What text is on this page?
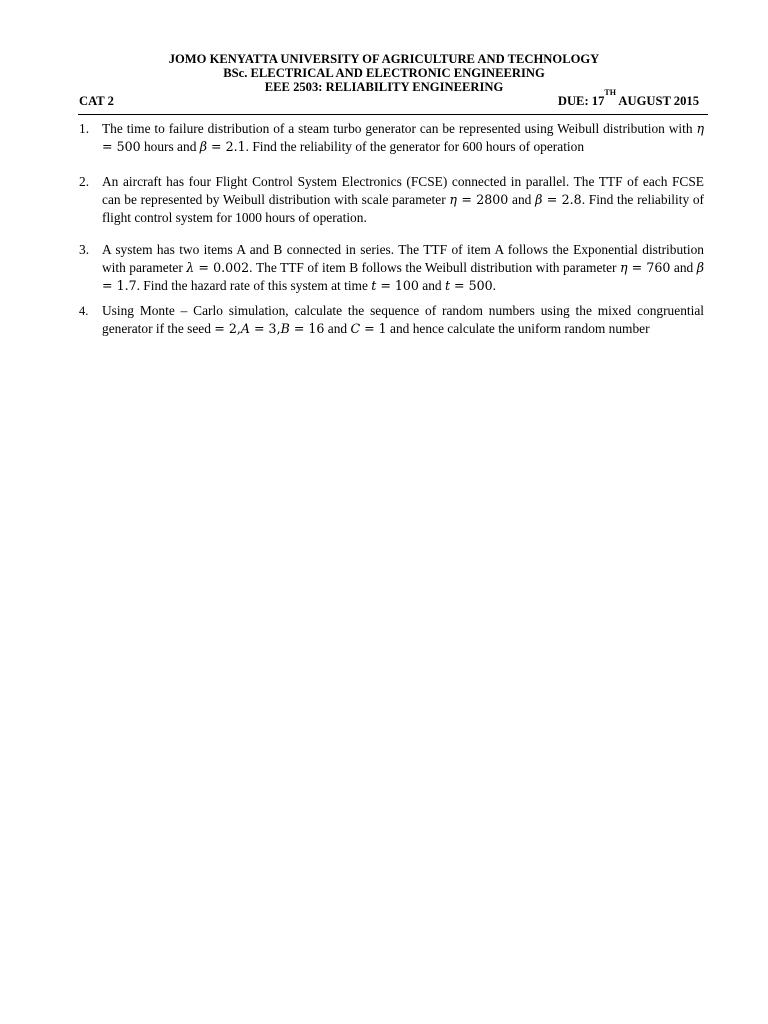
JOMO KENYATTA UNIVERSITY OF AGRICULTURE AND TECHNOLOGY
BSc. ELECTRICAL AND ELECTRONIC ENGINEERING
EEE 2503: RELIABILITY ENGINEERING
CAT 2	DUE: 17TH AUGUST 2015
1. The time to failure distribution of a steam turbo generator can be represented using Weibull distribution with η = 500 hours and β = 2.1. Find the reliability of the generator for 600 hours of operation
2. An aircraft has four Flight Control System Electronics (FCSE) connected in parallel. The TTF of each FCSE can be represented by Weibull distribution with scale parameter η = 2800 and β = 2.8. Find the reliability of flight control system for 1000 hours of operation.
3. A system has two items A and B connected in series. The TTF of item A follows the Exponential distribution with parameter λ = 0.002. The TTF of item B follows the Weibull distribution with parameter η = 760 and β = 1.7. Find the hazard rate of this system at time t = 100 and t = 500.
4.	Using Monte – Carlo simulation, calculate the sequence of random numbers using the mixed congruential generator if the seed = 2,A = 3,B = 16 and C = 1 and hence calculate the uniform random number
